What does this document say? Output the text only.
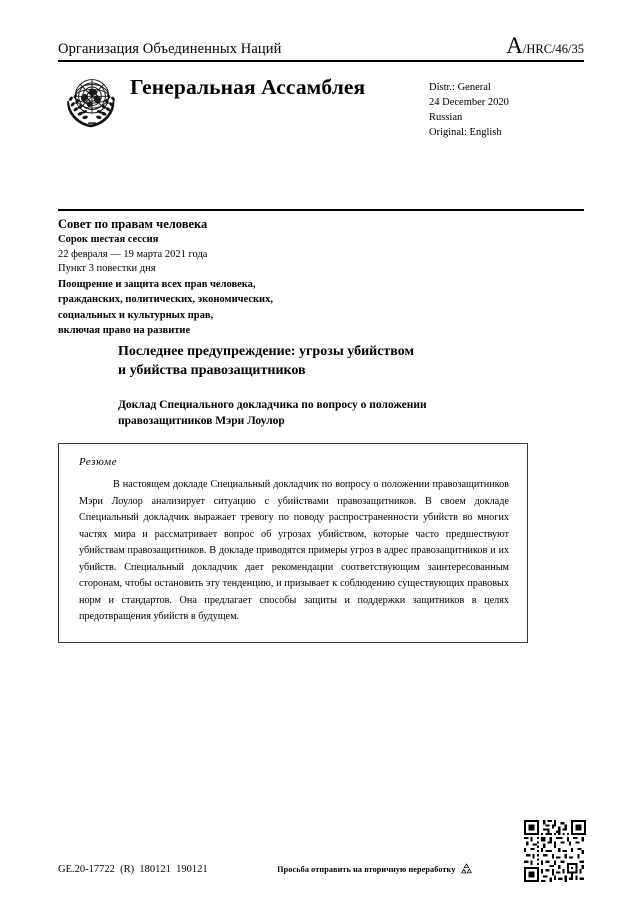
Организация Объединенных Наций	A/HRC/46/35
Генеральная Ассамблея	Distr.: General
24 December 2020
Russian
Original: English
Совет по правам человека
Сорок шестая сессия
22 февраля — 19 марта 2021 года
Пункт 3 повестки дня
Поощрение и защита всех прав человека,
гражданских, политических, экономических,
социальных и культурных прав,
включая право на развитие
Последнее предупреждение: угрозы убийством
и убийства правозащитников
Доклад Специального докладчика по вопросу о положении
правозащитников Мэри Лоулор
Резюме

В настоящем докладе Специальный докладчик по вопросу о положении правозащитников Мэри Лоулор анализирует ситуацию с убийствами правозащитников. В своем докладе Специальный докладчик выражает тревогу по поводу распространенности убийств во многих частях мира и рассматривает вопрос об угрозах убийством, которые часто предшествуют убийствам правозащитников. В докладе приводятся примеры угроз в адрес правозащитников и их убийств. Специальный докладчик дает рекомендации соответствующим заинтересованным сторонам, чтобы остановить эту тенденцию, и призывает к соблюдению существующих правовых норм и стандартов. Она предлагает способы защиты и поддержки защитников в целях предотвращения убийств в будущем.

GE.20-17722  (R)  180121  190121	Просьба отправить на вторичную переработку
